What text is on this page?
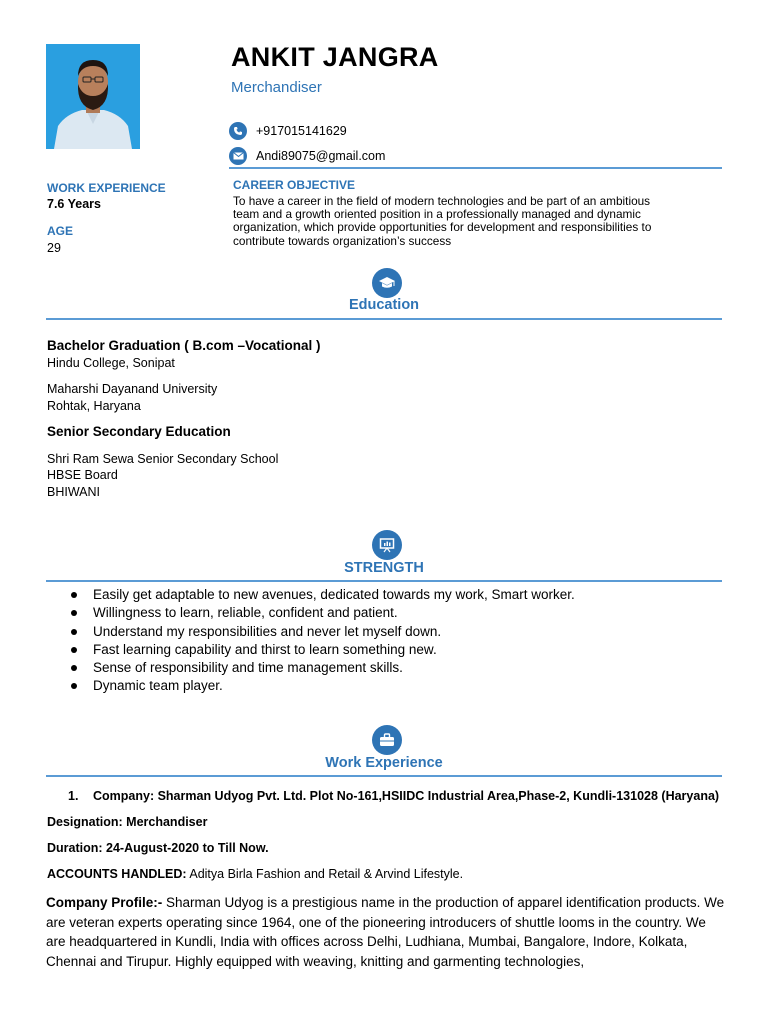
ANKIT JANGRA
Merchandiser
+917015141629
Andi89075@gmail.com
WORK EXPERIENCE
7.6 Years
AGE
29
CAREER OBJECTIVE
To have a career in the field of modern technologies and be part of an ambitious
team and a growth oriented position in a professionally managed and dynamic
organization, which provide opportunities for development and responsibilities to
contribute towards organization’s success
Education
Bachelor Graduation ( B.com –Vocational )
Hindu College, Sonipat
Maharshi Dayanand University
Rohtak, Haryana
Senior Secondary Education
Shri Ram Sewa Senior Secondary School
HBSE Board
BHIWANI
STRENGTH
Easily get adaptable to new avenues, dedicated towards my work, Smart worker.
Willingness to learn, reliable, confident and patient.
Understand my responsibilities and never let myself down.
Fast learning capability and thirst to learn something new.
Sense of responsibility and time management skills.
Dynamic team player.
Work Experience
1. Company: Sharman Udyog Pvt. Ltd. Plot No-161,HSIIDC Industrial Area,Phase-2, Kundli-131028 (Haryana)
Designation: Merchandiser
Duration: 24-August-2020 to Till Now.
ACCOUNTS HANDLED: Aditya Birla Fashion and Retail & Arvind Lifestyle.
Company Profile:- Sharman Udyog is a prestigious name in the production of apparel identification products. We are veteran experts operating since 1964, one of the pioneering introducers of shuttle looms in the country. We are headquartered in Kundli, India with offices across Delhi, Ludhiana, Mumbai, Bangalore, Indore, Kolkata, Chennai and Tirupur. Highly equipped with weaving, knitting and garmenting technologies,
